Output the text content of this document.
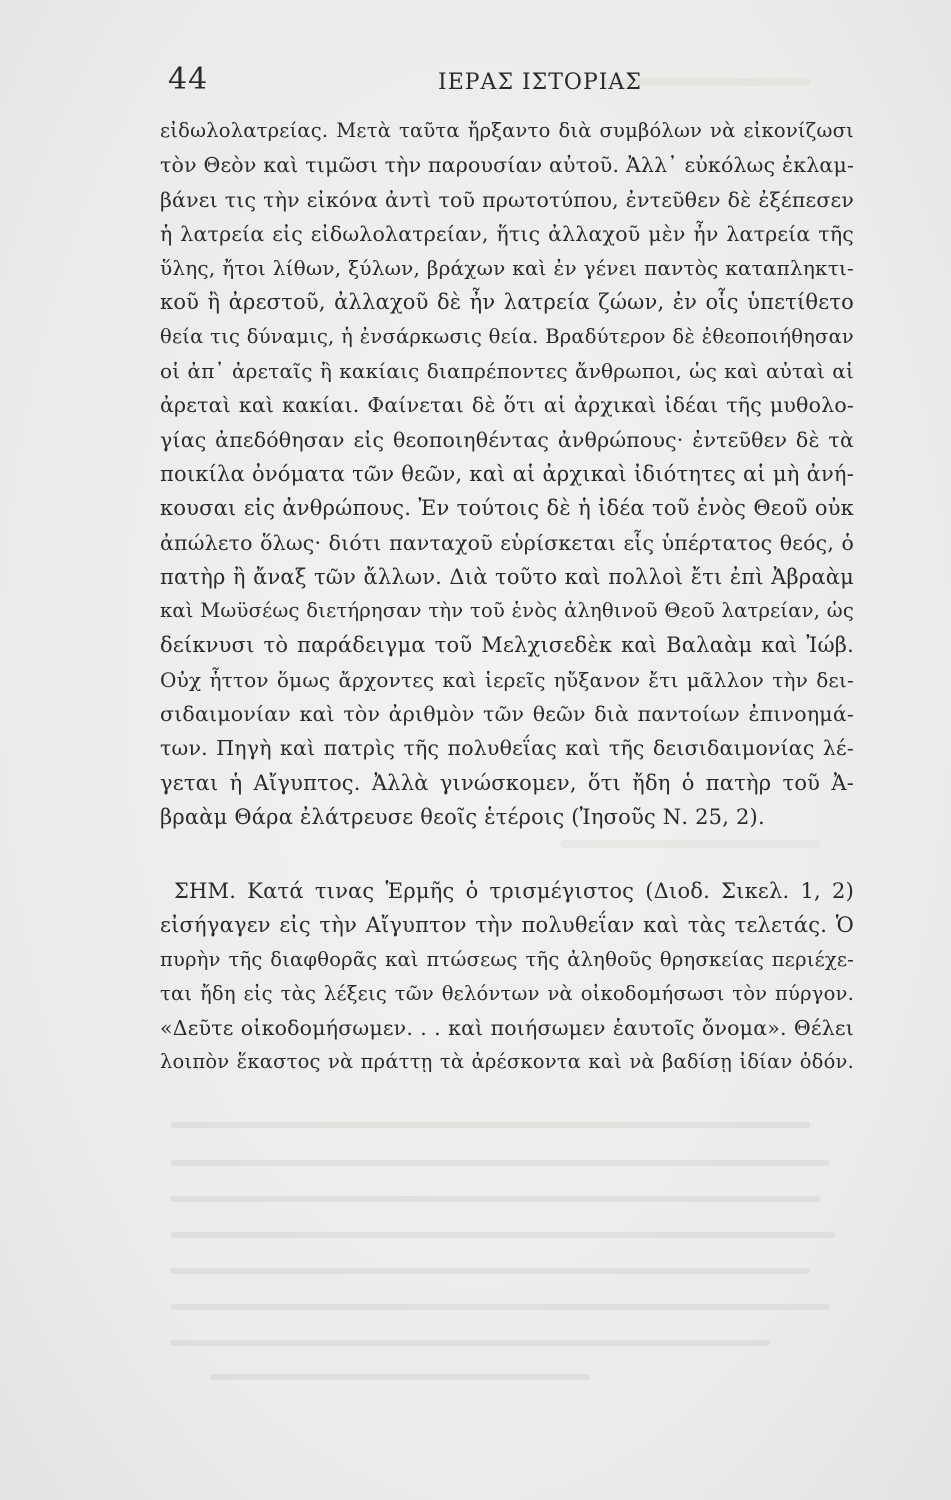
44	ΙΕΡΑΣ ΙΣΤΟΡΙΑΣ
εἰδωλολατρείας. Μετὰ ταῦτα ἤρξαντο διὰ συμβόλων νὰ εἰκονίζωσι
τὸν Θεὸν καὶ τιμῶσι τὴν παρουσίαν αὐτοῦ. Ἀλλ᾽ εὐκόλως ἐκλαμ-
βάνει τις τὴν εἰκόνα ἀντὶ τοῦ πρωτοτύπου, ἐντεῦθεν δὲ ἐξέπεσεν
ἡ λατρεία εἰς εἰδωλολατρείαν, ἥτις ἀλλαχοῦ μὲν ἦν λατρεία τῆς
ὕλης, ἤτοι λίθων, ξύλων, βράχων καὶ ἐν γένει παντὸς καταπληκτι-
κοῦ ἢ ἀρεστοῦ, ἀλλαχοῦ δὲ ἦν λατρεία ζώων, ἐν οἷς ὑπετίθετο
θεία τις δύναμις, ἡ ἐνσάρκωσις θεία. Βραδύτερον δὲ ἐθεοποιήθησαν
οἱ ἀπ᾽ ἀρεταῖς ἢ κακίαις διαπρέποντες ἄνθρωποι, ὡς καὶ αὐταὶ αἱ
ἀρεταὶ καὶ κακίαι. Φαίνεται δὲ ὅτι αἱ ἀρχικαὶ ἰδέαι τῆς μυθολο-
γίας ἀπεδόθησαν εἰς θεοποιηθέντας ἀνθρώπους· ἐντεῦθεν δὲ τὰ
ποικίλα ὀνόματα τῶν θεῶν, καὶ αἱ ἀρχικαὶ ἰδιότητες αἱ μὴ ἀνή-
κουσαι εἰς ἀνθρώπους. Ἐν τούτοις δὲ ἡ ἰδέα τοῦ ἑνὸς Θεοῦ οὐκ
ἀπώλετο ὅλως· διότι πανταχοῦ εὑρίσκεται εἷς ὑπέρτατος θεός, ὁ
πατὴρ ἢ ἄναξ τῶν ἄλλων. Διὰ τοῦτο καὶ πολλοὶ ἔτι ἐπὶ Ἀβραὰμ
καὶ Μωϋσέως διετήρησαν τὴν τοῦ ἑνὸς ἀληθινοῦ Θεοῦ λατρείαν, ὡς
δείκνυσι τὸ παράδειγμα τοῦ Μελχισεδὲκ καὶ Βαλαὰμ καὶ Ἰώβ.
Οὐχ ἧττον ὅμως ἄρχοντες καὶ ἱερεῖς ηὔξανον ἔτι μᾶλλον τὴν δει-
σιδαιμονίαν καὶ τὸν ἀριθμὸν τῶν θεῶν διὰ παντοίων ἐπινοημά-
των. Πηγὴ καὶ πατρὶς τῆς πολυθεΐας καὶ τῆς δεισιδαιμονίας λέ-
γεται ἡ Αἴγυπτος. Ἀλλὰ γινώσκομεν, ὅτι ἤδη ὁ πατὴρ τοῦ Ἀ-
βραὰμ Θάρα ἐλάτρευσε θεοῖς ἑτέροις (Ἰησοῦς Ν. 25, 2).
ΣΗΜ. Κατά τινας Ἑρμῆς ὁ τρισμέγιστος (Διοδ. Σικελ. 1, 2)
εἰσήγαγεν εἰς τὴν Αἴγυπτον τὴν πολυθεΐαν καὶ τὰς τελετάς. Ὁ
πυρὴν τῆς διαφθορᾶς καὶ πτώσεως τῆς ἀληθοῦς θρησκείας περιέχε-
ται ἤδη εἰς τὰς λέξεις τῶν θελόντων νὰ οἰκοδομήσωσι τὸν πύργον.
«Δεῦτε οἰκοδομήσωμεν. . . καὶ ποιήσωμεν ἑαυτοῖς ὄνομα». Θέλει
λοιπὸν ἕκαστος νὰ πράττῃ τὰ ἀρέσκοντα καὶ νὰ βαδίσῃ ἰδίαν ὁδόν.
